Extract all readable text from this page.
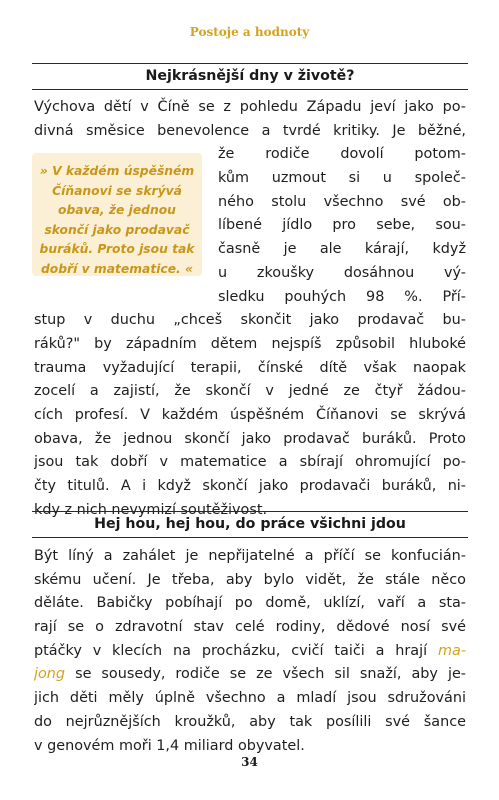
Postoje a hodnoty
Nejkrásnější dny v životě?
Výchova dětí v Číně se z pohledu Západu jeví jako po-
divná směsice benevolence a tvrdé kritiky. Je běžné,
že rodiče dovolí potom-
kům uzmout si u společ-
ného stolu všechno své ob-
líbené jídlo pro sebe, sou-
časně je ale kárají, když
u zkoušky dosáhnou vý-
sledku pouhých 98 %. Pří-
stup v duchu „chceš skončit jako prodavač bu-
ráků?" by západním dětem nejspíš způsobil hluboké
trauma vyžadující terapii, čínské dítě však naopak
zocelí a zajistí, že skončí v jedné ze čtyř žádou-
cích profesí. V každém úspěšném Číňanovi se skrývá
obava, že jednou skončí jako prodavač buráků. Proto
jsou tak dobří v matematice a sbírají ohromující po-
čty titulů. A i když skončí jako prodavači buráků, ni-
kdy z nich nevymizí soutěživost.
» V každém úspěšném
Číňanovi se skrývá
obava, že jednou
skončí jako prodavač
buráků. Proto jsou tak
dobří v matematice. «
Hej hou, hej hou, do práce všichni jdou
Být líný a zahálet je nepřijatelné a příčí se konfucián-
skému učení. Je třeba, aby bylo vidět, že stále něco
děláte. Babičky pobíhají po domě, uklízí, vaří a sta-
rají se o zdravotní stav celé rodiny, dědové nosí své
ptáčky v klecích na procházku, cvičí taiči a hrají ma-
jong se sousedy, rodiče se ze všech sil snaží, aby je-
jich děti měly úplně všechno a mladí jsou sdružováni
do nejrůznějších kroužků, aby tak posílili své šance
v genovém moři 1,4 miliard obyvatel.
34
